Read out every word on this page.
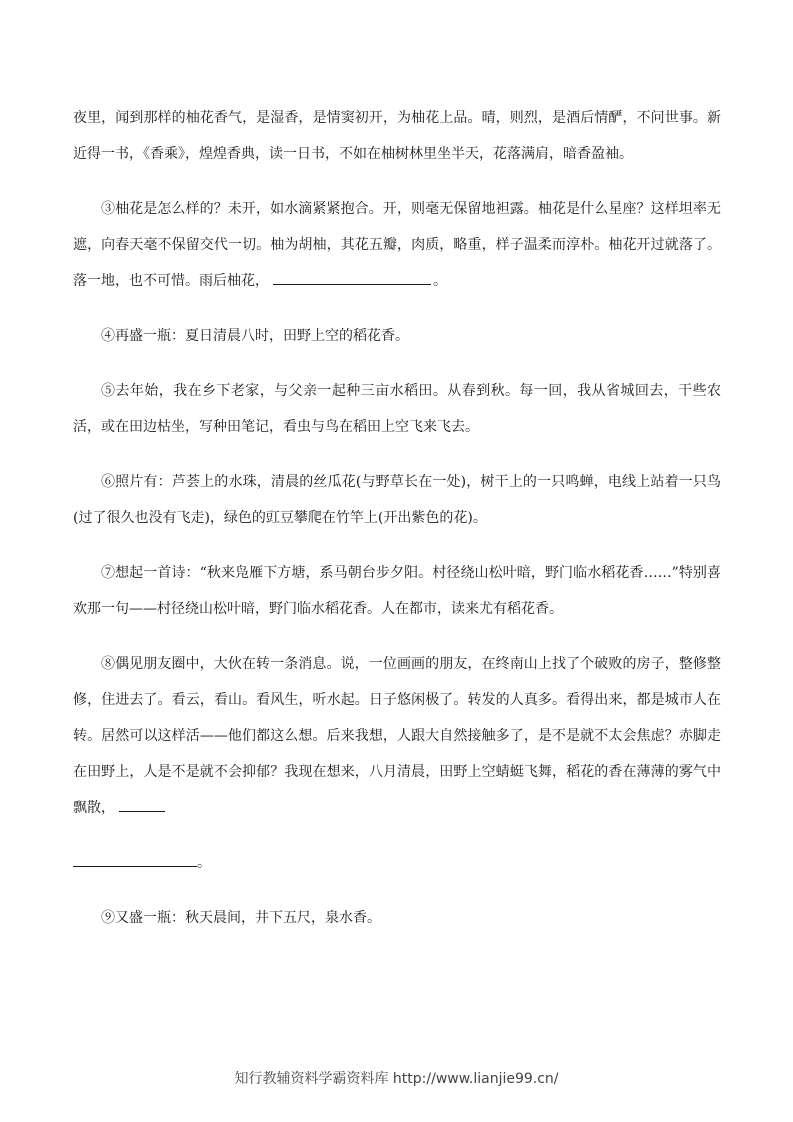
夜里，闻到那样的柚花香气，是湿香，是情窦初开，为柚花上品。晴，则烈，是酒后情酽，不问世事。新近得一书，《香乘》，煌煌香典，读一日书，不如在柚树林里坐半天，花落满肩，暗香盈袖。

③柚花是怎么样的？未开，如水滴紧紧抱合。开，则毫无保留地袒露。柚花是什么星座？这样坦率无遮，向春天毫不保留交代一切。柚为胡柚，其花五瓣，肉质，略重，样子温柔而淳朴。柚花开过就落了。落一地，也不可惜。雨后柚花，	。

④再盛一瓶：夏日清晨八时，田野上空的稻花香。

⑤去年始，我在乡下老家，与父亲一起种三亩水稻田。从春到秋。每一回，我从省城回去，干些农活，或在田边枯坐，写种田笔记，看虫与鸟在稻田上空飞来飞去。

⑥照片有：芦荟上的水珠，清晨的丝瓜花(与野草长在一处)，树干上的一只鸣蝉，电线上站着一只鸟(过了很久也没有飞走)，绿色的豇豆攀爬在竹竿上(开出紫色的花)。

⑦想起一首诗：“秋来凫雁下方塘，系马朝台步夕阳。村径绕山松叶暗，野门临水稻花香……”特别喜欢那一句——村径绕山松叶暗，野门临水稻花香。人在都市，读来尤有稻花香。

⑧偶见朋友圈中，大伙在转一条消息。说，一位画画的朋友，在终南山上找了个破败的房子，整修整修，住进去了。看云，看山。看风生，听水起。日子悠闲极了。转发的人真多。看得出来，都是城市人在转。居然可以这样活——他们都这么想。后来我想，人跟大自然接触多了，是不是就不太会焦虑？赤脚走在田野上，人是不是就不会抑郁？我现在想来，八月清晨，田野上空蜻蜓飞舞，稻花的香在薄薄的雾气中飘散，

。

⑨又盛一瓶：秋天晨间，井下五尺，泉水香。

知行教辅资料学霸资料库 http://www.lianjie99.cn/
